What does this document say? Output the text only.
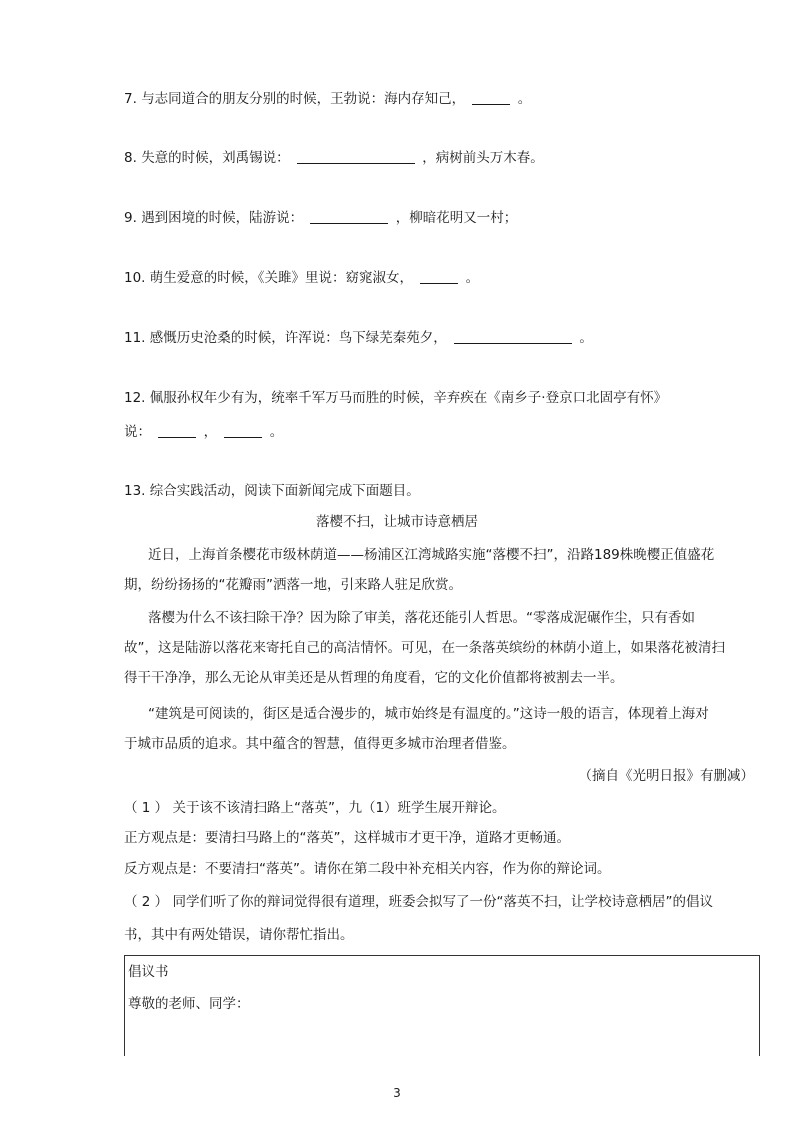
7. 与志同道合的朋友分别的时候，王勃说：海内存知己，	。
8. 失意的时候，刘禹锡说：	，病树前头万木春。
9. 遇到困境的时候，陆游说：	，柳暗花明又一村；
10. 萌生爱意的时候，《关雎》里说：窈窕淑女，	。
11. 感慨历史沧桑的时候，许浑说：鸟下绿芜秦苑夕，	。
12. 佩服孙权年少有为，统率千军万马而胜的时候，辛弃疾在《南乡子·登京口北固亭有怀》
说：	，	。
13. 综合实践活动，阅读下面新闻完成下面题目。
落樱不扫，让城市诗意栖居
近日，上海首条樱花市级林荫道——杨浦区江湾城路实施“落樱不扫”，沿路189株晚樱正值盛花
期，纷纷扬扬的“花瓣雨”洒落一地，引来路人驻足欣赏。
落樱为什么不该扫除干净？因为除了审美，落花还能引人哲思。“零落成泥碾作尘，只有香如
故”，这是陆游以落花来寄托自己的高洁情怀。可见，在一条落英缤纷的林荫小道上，如果落花被清扫
得干干净净，那么无论从审美还是从哲理的角度看，它的文化价值都将被割去一半。
“建筑是可阅读的，街区是适合漫步的，城市始终是有温度的。”这诗一般的语言，体现着上海对
于城市品质的追求。其中蕴含的智慧，值得更多城市治理者借鉴。
（摘自《光明日报》有删减）
（ 1 ） 关于该不该清扫路上“落英”，九（1）班学生展开辩论。
正方观点是：要清扫马路上的“落英”，这样城市才更干净，道路才更畅通。
反方观点是：不要清扫“落英”。请你在第二段中补充相关内容，作为你的辩论词。
（ 2 ） 同学们听了你的辩词觉得很有道理，班委会拟写了一份“落英不扫，让学校诗意栖居”的倡议
书，其中有两处错误，请你帮忙指出。
倡议书
尊敬的老师、同学：
3
